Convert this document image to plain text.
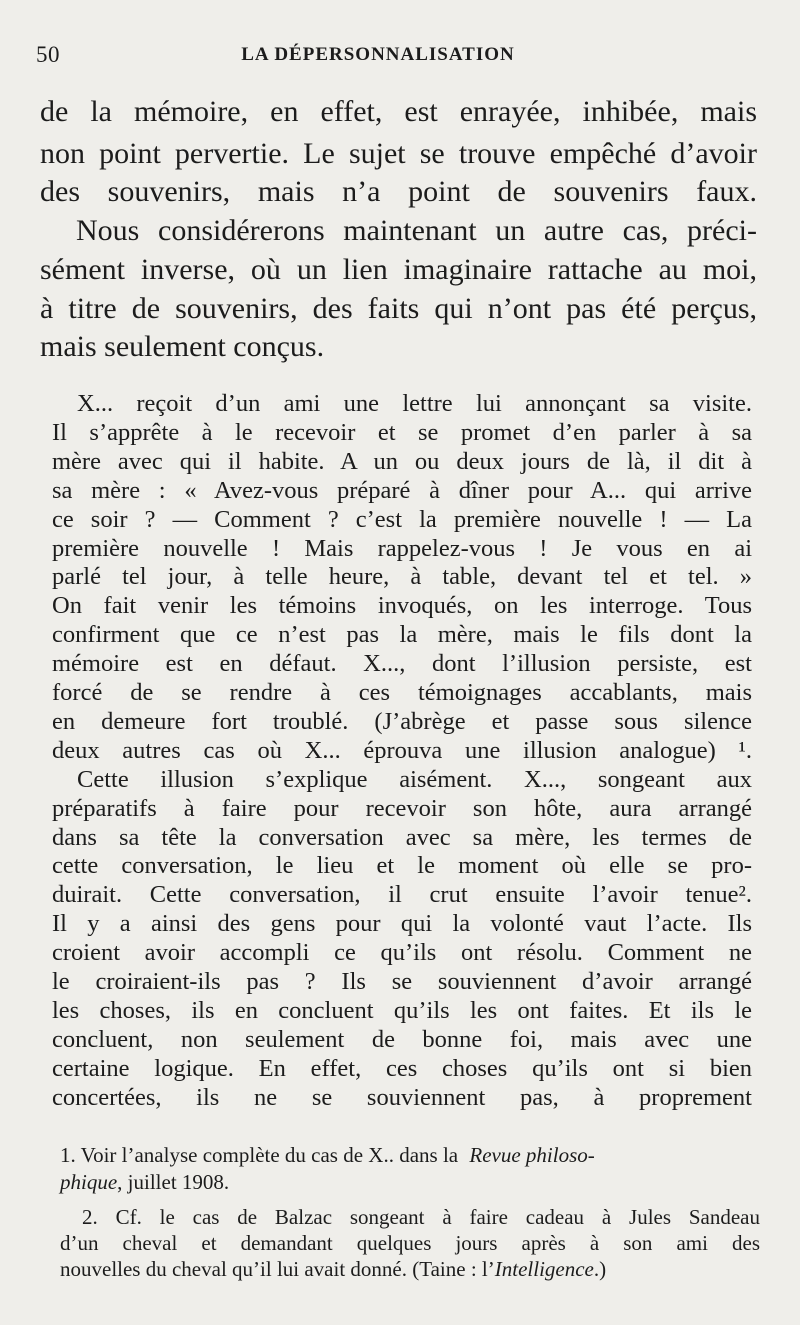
50	LA DÉPERSONNALISATION
de la mémoire, en effet, est enrayée, inhibée, mais
non point pervertie. Le sujet se trouve empêché d’avoir
des souvenirs, mais n’a point de souvenirs faux.
Nous considérerons maintenant un autre cas, préci-
sément inverse, où un lien imaginaire rattache au moi,
à titre de souvenirs, des faits qui n’ont pas été perçus,
mais seulement conçus.
X... reçoit d’un ami une lettre lui annonçant sa visite.
Il s’apprête à le recevoir et se promet d’en parler à sa
mère avec qui il habite. A un ou deux jours de là, il dit à
sa mère : « Avez-vous préparé à dîner pour A... qui arrive
ce soir ? — Comment ? c’est la première nouvelle ! — La
première nouvelle ! Mais rappelez-vous ! Je vous en ai
parlé tel jour, à telle heure, à table, devant tel et tel. »
On fait venir les témoins invoqués, on les interroge. Tous
confirment que ce n’est pas la mère, mais le fils dont la
mémoire est en défaut. X..., dont l’illusion persiste, est
forcé de se rendre à ces témoignages accablants, mais
en demeure fort troublé. (J’abrège et passe sous silence
deux autres cas où X... éprouva une illusion analogue) ¹.
Cette illusion s’explique aisément. X..., songeant aux
préparatifs à faire pour recevoir son hôte, aura arrangé
dans sa tête la conversation avec sa mère, les termes de
cette conversation, le lieu et le moment où elle se pro-
duirait. Cette conversation, il crut ensuite l’avoir tenue².
Il y a ainsi des gens pour qui la volonté vaut l’acte. Ils
croient avoir accompli ce qu’ils ont résolu. Comment ne
le croiraient-ils pas ? Ils se souviennent d’avoir arrangé
les choses, ils en concluent qu’ils les ont faites. Et ils le
concluent, non seulement de bonne foi, mais avec une
certaine logique. En effet, ces choses qu’ils ont si bien
concertées, ils ne se souviennent pas, à proprement
1. Voir l’analyse complète du cas de X.. dans la Revue philoso-
phique, juillet 1908.
2. Cf. le cas de Balzac songeant à faire cadeau à Jules Sandeau
d’un cheval et demandant quelques jours après à son ami des
nouvelles du cheval qu’il lui avait donné. (Taine : l’Intelligence.)
